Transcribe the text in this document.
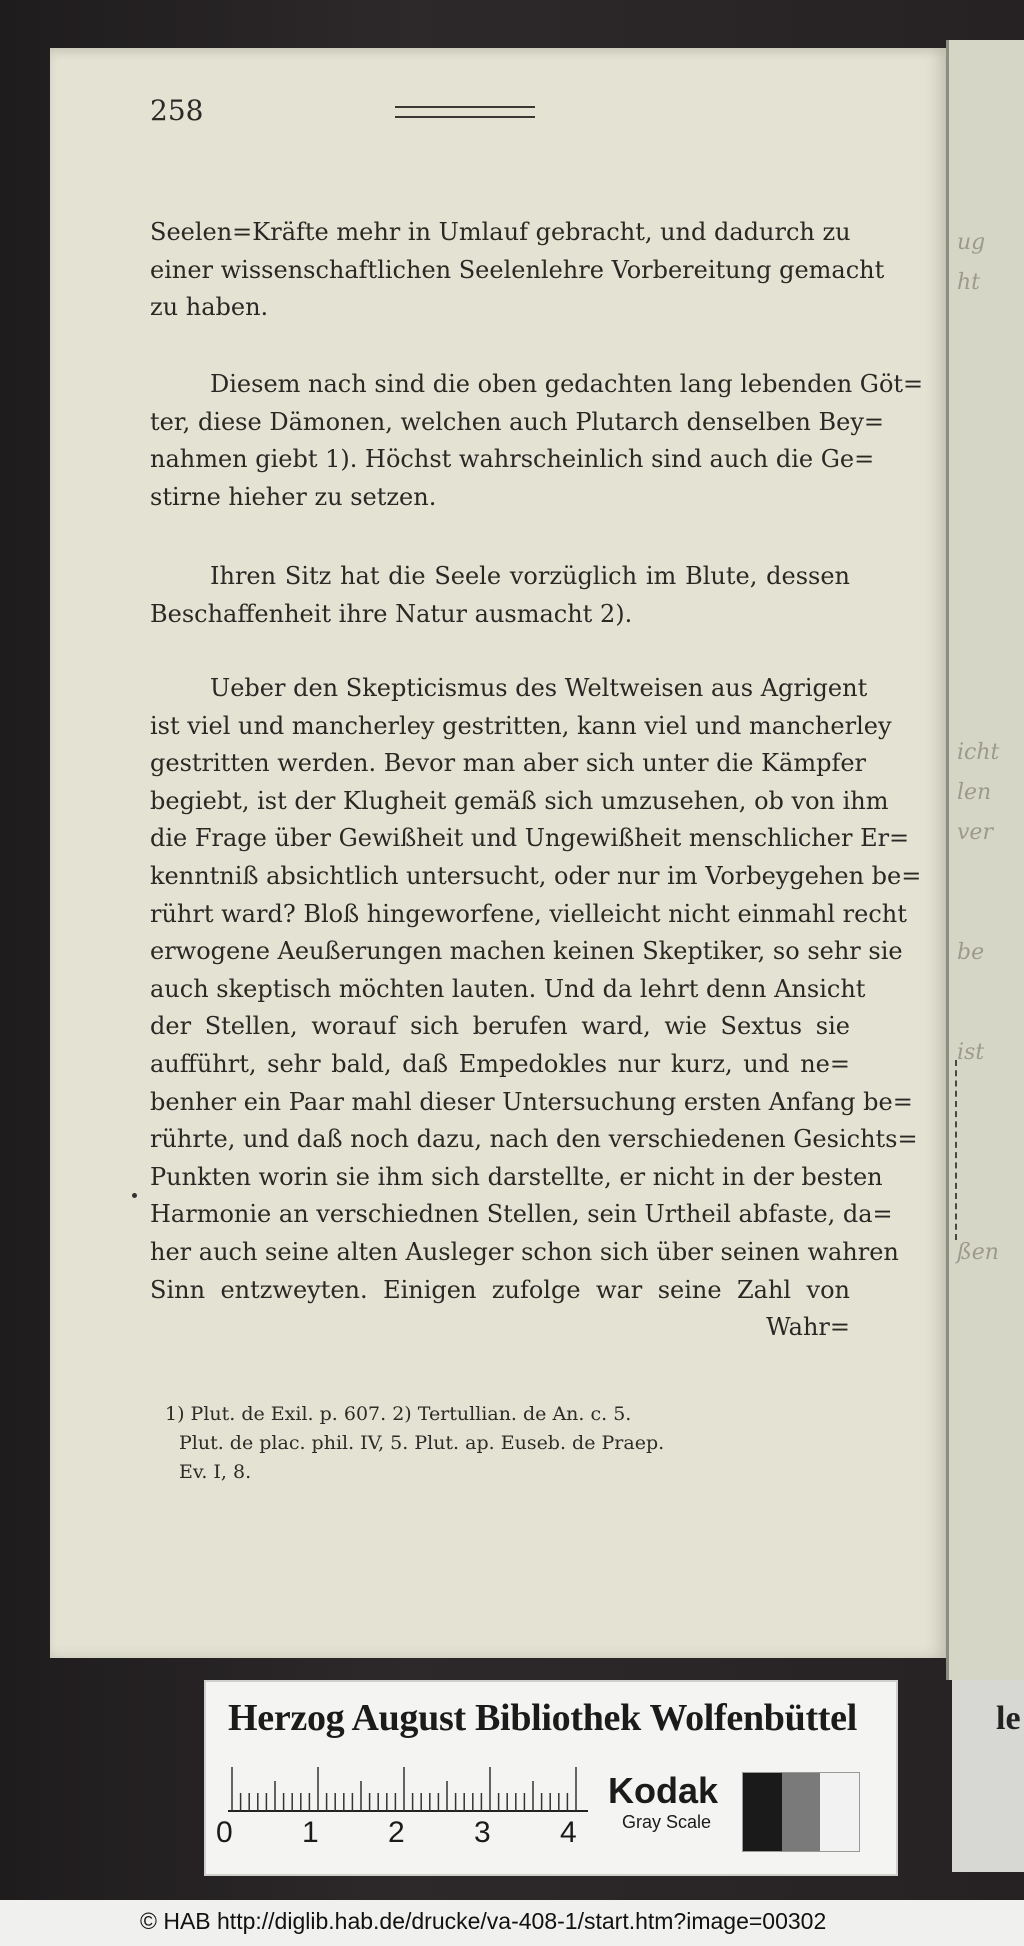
ug
ht
icht
len
ver
be
ist
ßen
258
Seelen=Kräfte mehr in Umlauf gebracht, und dadurch zu
einer wissenschaftlichen Seelenlehre Vorbereitung gemacht
zu haben.
Diesem nach sind die oben gedachten lang lebenden Göt=
ter, diese Dämonen, welchen auch Plutarch denselben Bey=
nahmen giebt 1). Höchst wahrscheinlich sind auch die Ge=
stirne hieher zu setzen.
Ihren Sitz hat die Seele vorzüglich im Blute, dessen
Beschaffenheit ihre Natur ausmacht 2).
Ueber den Skepticismus des Weltweisen aus Agrigent
ist viel und mancherley gestritten, kann viel und mancherley
gestritten werden. Bevor man aber sich unter die Kämpfer
begiebt, ist der Klugheit gemäß sich umzusehen, ob von ihm
die Frage über Gewißheit und Ungewißheit menschlicher Er=
kenntniß absichtlich untersucht, oder nur im Vorbeygehen be=
rührt ward? Bloß hingeworfene, vielleicht nicht einmahl recht
erwogene Aeußerungen machen keinen Skeptiker, so sehr sie
auch skeptisch möchten lauten. Und da lehrt denn Ansicht
der Stellen, worauf sich berufen ward, wie Sextus sie
aufführt, sehr bald, daß Empedokles nur kurz, und ne=
benher ein Paar mahl dieser Untersuchung ersten Anfang be=
rührte, und daß noch dazu, nach den verschiedenen Gesichts=
Punkten worin sie ihm sich darstellte, er nicht in der besten
Harmonie an verschiednen Stellen, sein Urtheil abfaste, da=
her auch seine alten Ausleger schon sich über seinen wahren
Sinn entzweyten. Einigen zufolge war seine Zahl von
Wahr=
1) Plut. de Exil. p. 607. 2) Tertullian. de An. c. 5.
Plut. de plac. phil. IV, 5. Plut. ap. Euseb. de Praep.
Ev. I, 8.
Herzog August Bibliothek Wolfenbüttel
0 1 2 3 4
Kodak
Gray Scale
le
© HAB http://diglib.hab.de/drucke/va-408-1/start.htm?image=00302
